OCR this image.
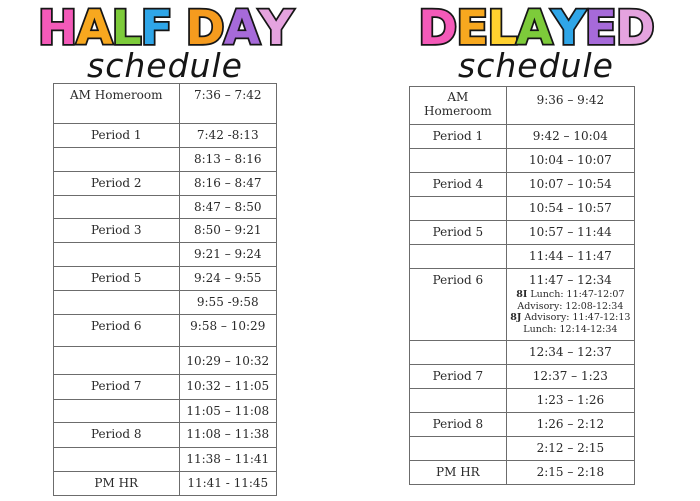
H A L F D A Y
schedule
AM Homeroom	7:36 – 7:42
Period 1	7:42 -8:13
	8:13 – 8:16
Period 2	8:16 – 8:47
	8:47 – 8:50
Period 3	8:50 – 9:21
	9:21 – 9:24
Period 5	9:24 – 9:55
	9:55 -9:58
Period 6	9:58 – 10:29
	10:29 – 10:32
Period 7	10:32 – 11:05
	11:05 – 11:08
Period 8	11:08 – 11:38
	11:38 – 11:41
PM HR	11:41 - 11:45
D E L A Y E D
schedule
AM Homeroom	9:36 – 9:42
Period 1	9:42 – 10:04
	10:04 – 10:07
Period 4	10:07 – 10:54
	10:54 – 10:57
Period 5	10:57 – 11:44
	11:44 – 11:47
Period 6	11:47 – 12:34
8I Lunch: 11:47-12:07
Advisory: 12:08-12:34
8J Advisory: 11:47-12:13
Lunch: 12:14-12:34

	12:34 – 12:37
Period 7	12:37 – 1:23
	1:23 – 1:26
Period 8	1:26 – 2:12
	2:12 – 2:15
PM HR	2:15 – 2:18
